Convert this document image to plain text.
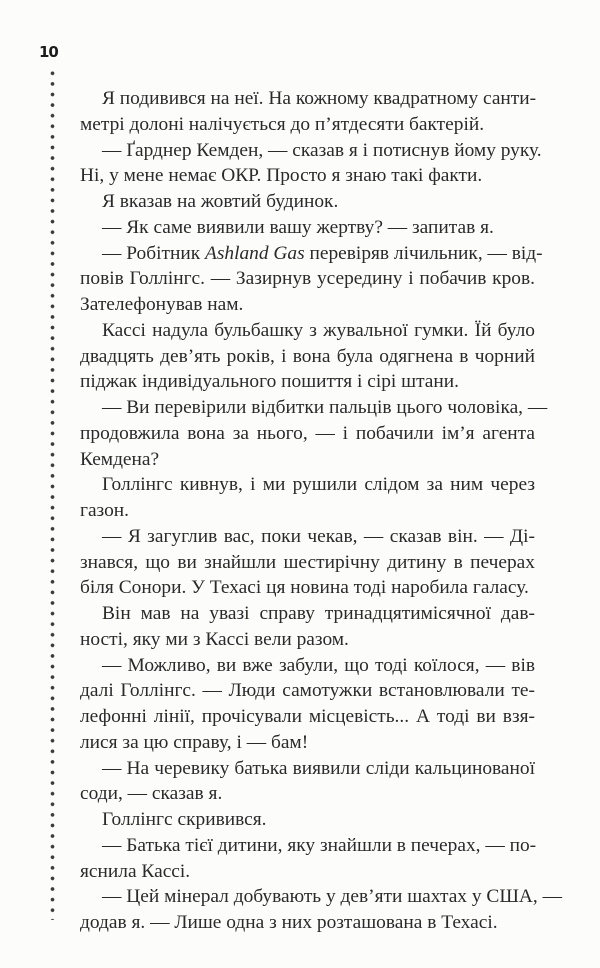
10

Я подивився на неї. На кожному квадратному санти-
метрі долоні налічується до п’ятдесяти бактерій.

— Ґарднер Кемден, — сказав я і потиснув йому руку.
Ні, у мене немає ОКР. Просто я знаю такі факти.

Я вказав на жовтий будинок.

— Як саме виявили вашу жертву? — запитав я.

— Робітник Ashland Gas перевіряв лічильник, — від-
повів Голлінгс. — Зазирнув усередину і побачив кров.
Зателефонував нам.

Кассі надула бульбашку з жувальної гумки. Їй було
двадцять дев’ять років, і вона була одягнена в чорний
піджак індивідуального пошиття і сірі штани.

— Ви перевірили відбитки пальців цього чоловіка, —
продовжила вона за нього, — і побачили ім’я агента
Кемдена?

Голлінгс кивнув, і ми рушили слідом за ним через
газон.

— Я загуглив вас, поки чекав, — сказав він. — Ді-
знався, що ви знайшли шестирічну дитину в печерах
біля Сонори. У Техасі ця новина тоді наробила галасу.

Він мав на увазі справу тринадцятимісячної дав-
ності, яку ми з Кассі вели разом.

— Можливо, ви вже забули, що тоді коїлося, — вів
далі Голлінгс. — Люди самотужки встановлювали те-
лефонні лінії, прочісували місцевість... А тоді ви взя-
лися за цю справу, і — бам!

— На черевику батька виявили сліди кальцинованої
соди, — сказав я.

Голлінгс скривився.

— Батька тієї дитини, яку знайшли в печерах, — по-
яснила Кассі.

— Цей мінерал добувають у дев’яти шахтах у США, —
додав я. — Лише одна з них розташована в Техасі.
